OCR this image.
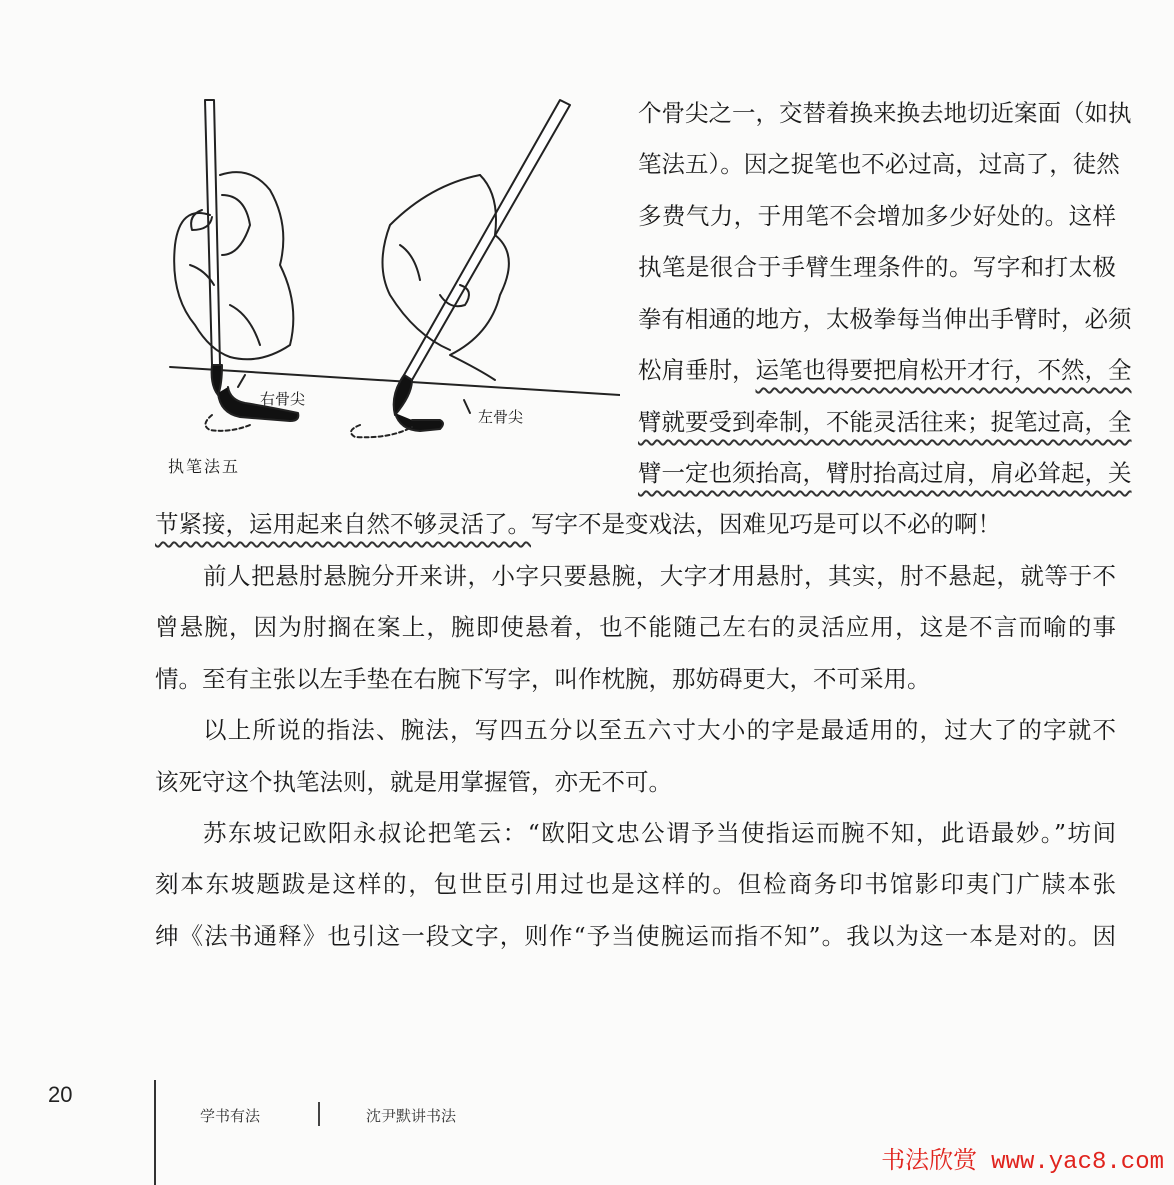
右骨尖
左骨尖
执笔法五
个骨尖之一，交替着换来换去地切近案面（如执
笔法五）。因之捉笔也不必过高，过高了，徒然
多费气力，于用笔不会增加多少好处的。这样
执笔是很合于手臂生理条件的。写字和打太极
拳有相通的地方，太极拳每当伸出手臂时，必须
松肩垂肘，运笔也得要把肩松开才行，不然，全
臂就要受到牵制，不能灵活往来；捉笔过高，全
臂一定也须抬高，臂肘抬高过肩，肩必耸起，关
节紧接，运用起来自然不够灵活了。写字不是变戏法，因难见巧是可以不必的啊！
前人把悬肘悬腕分开来讲，小字只要悬腕，大字才用悬肘，其实，肘不悬起，就等于不
曾悬腕，因为肘搁在案上，腕即使悬着，也不能随己左右的灵活应用，这是不言而喻的事
情。至有主张以左手垫在右腕下写字，叫作枕腕，那妨碍更大，不可采用。
以上所说的指法、腕法，写四五分以至五六寸大小的字是最适用的，过大了的字就不
该死守这个执笔法则，就是用掌握管，亦无不可。
苏东坡记欧阳永叔论把笔云：“欧阳文忠公谓予当使指运而腕不知，此语最妙。”坊间
刻本东坡题跋是这样的，包世臣引用过也是这样的。但检商务印书馆影印夷门广牍本张
绅《法书通释》也引这一段文字，则作“予当使腕运而指不知”。我以为这一本是对的。因
20
学书有法	沈尹默讲书法
书法欣赏 www.yac8.com
